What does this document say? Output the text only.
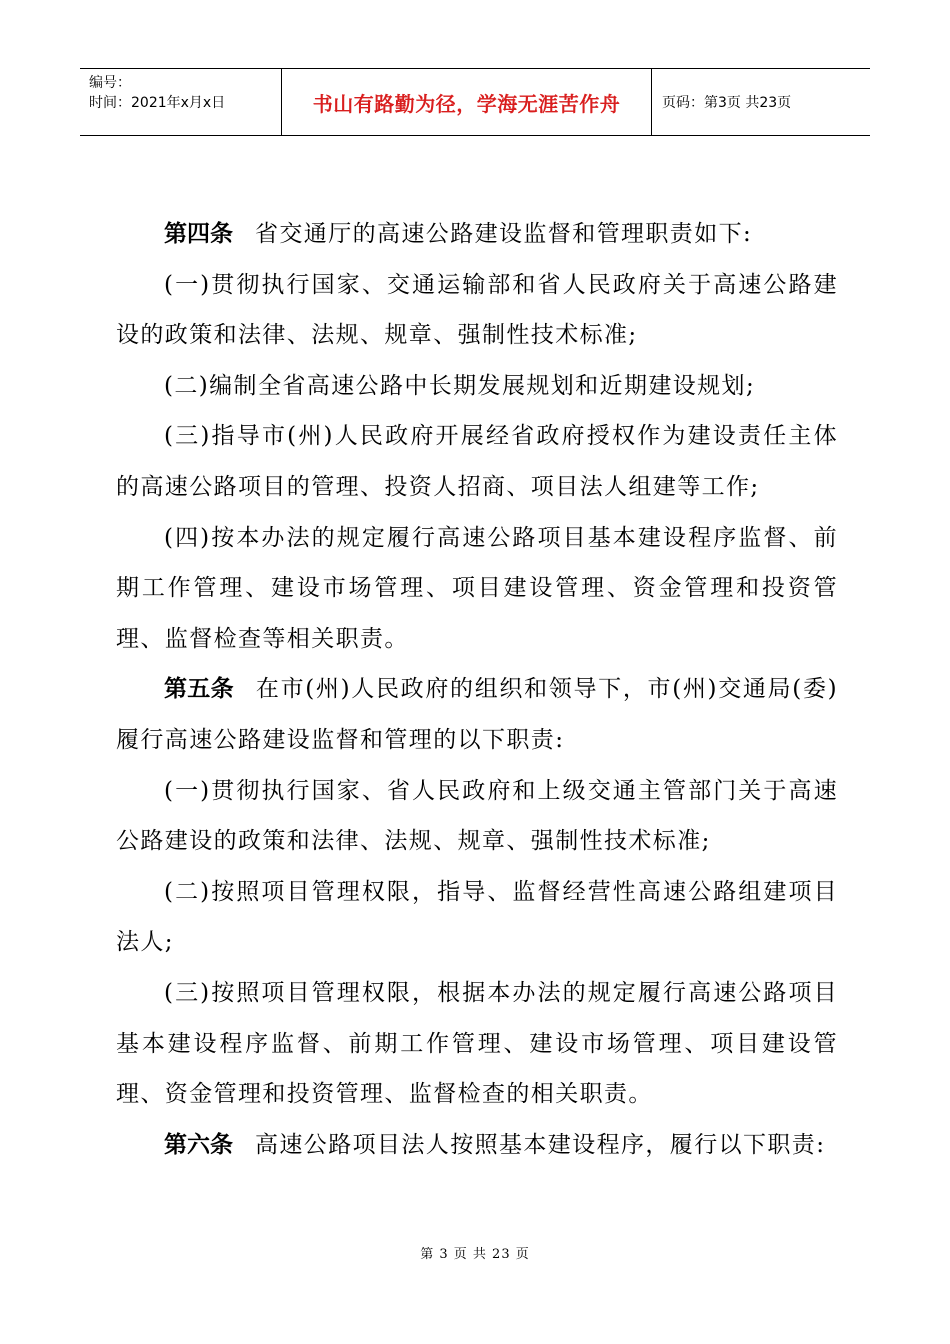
编号：
时间：2021年x月x日	书山有路勤为径，学海无涯苦作舟	页码：第3页 共23页

第四条 省交通厅的高速公路建设监督和管理职责如下:

(一)贯彻执行国家、交通运输部和省人民政府关于高速公路建设的政策和法律、法规、规章、强制性技术标准;

(二)编制全省高速公路中长期发展规划和近期建设规划;

(三)指导市(州)人民政府开展经省政府授权作为建设责任主体的高速公路项目的管理、投资人招商、项目法人组建等工作;

(四)按本办法的规定履行高速公路项目基本建设程序监督、前期工作管理、建设市场管理、项目建设管理、资金管理和投资管理、监督检查等相关职责。

第五条 在市(州)人民政府的组织和领导下，市(州)交通局(委)履行高速公路建设监督和管理的以下职责:

(一)贯彻执行国家、省人民政府和上级交通主管部门关于高速公路建设的政策和法律、法规、规章、强制性技术标准;

(二)按照项目管理权限，指导、监督经营性高速公路组建项目法人;

(三)按照项目管理权限，根据本办法的规定履行高速公路项目基本建设程序监督、前期工作管理、建设市场管理、项目建设管理、资金管理和投资管理、监督检查的相关职责。

第六条 高速公路项目法人按照基本建设程序，履行以下职责:

第 3 页 共 23 页
